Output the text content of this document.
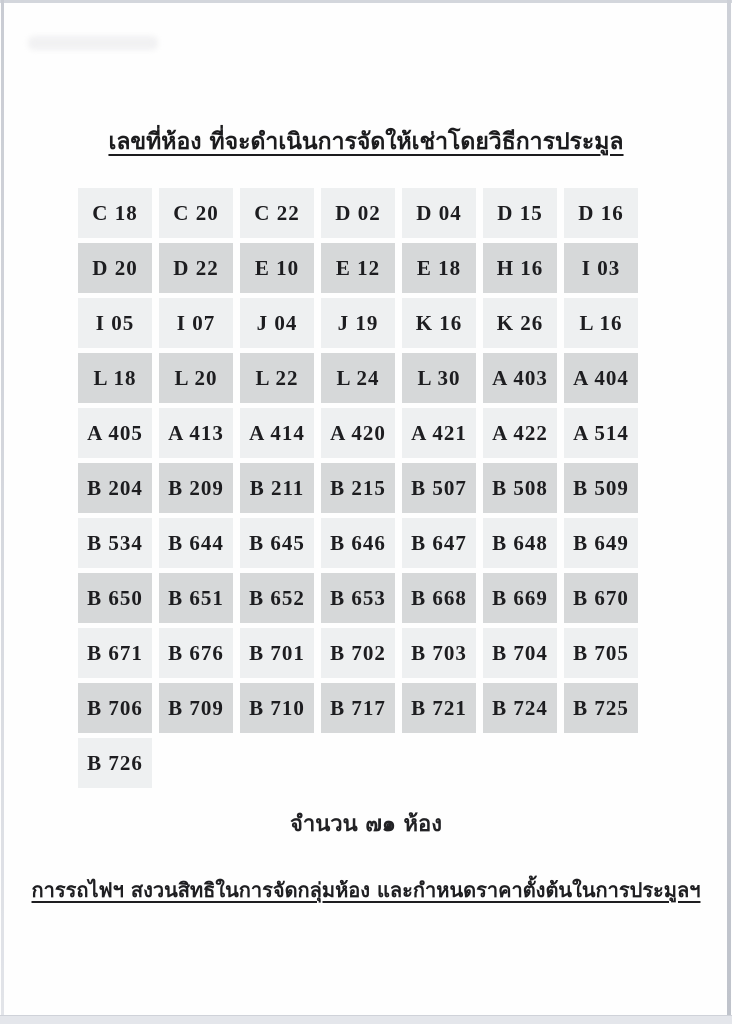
เลขที่ห้อง ที่จะดำเนินการจัดให้เช่าโดยวิธีการประมูล
C 18	C 20	C 22	D 02	D 04	D 15	D 16
D 20	D 22	E 10	E 12	E 18	H 16	I 03
I 05	I 07	J 04	J 19	K 16	K 26	L 16
L 18	L 20	L 22	L 24	L 30	A 403	A 404
A 405	A 413	A 414	A 420	A 421	A 422	A 514
B 204	B 209	B 211	B 215	B 507	B 508	B 509
B 534	B 644	B 645	B 646	B 647	B 648	B 649
B 650	B 651	B 652	B 653	B 668	B 669	B 670
B 671	B 676	B 701	B 702	B 703	B 704	B 705
B 706	B 709	B 710	B 717	B 721	B 724	B 725
B 726
จำนวน ๗๑ ห้อง
การรถไฟฯ สงวนสิทธิในการจัดกลุ่มห้อง และกำหนดราคาตั้งต้นในการประมูลฯ
